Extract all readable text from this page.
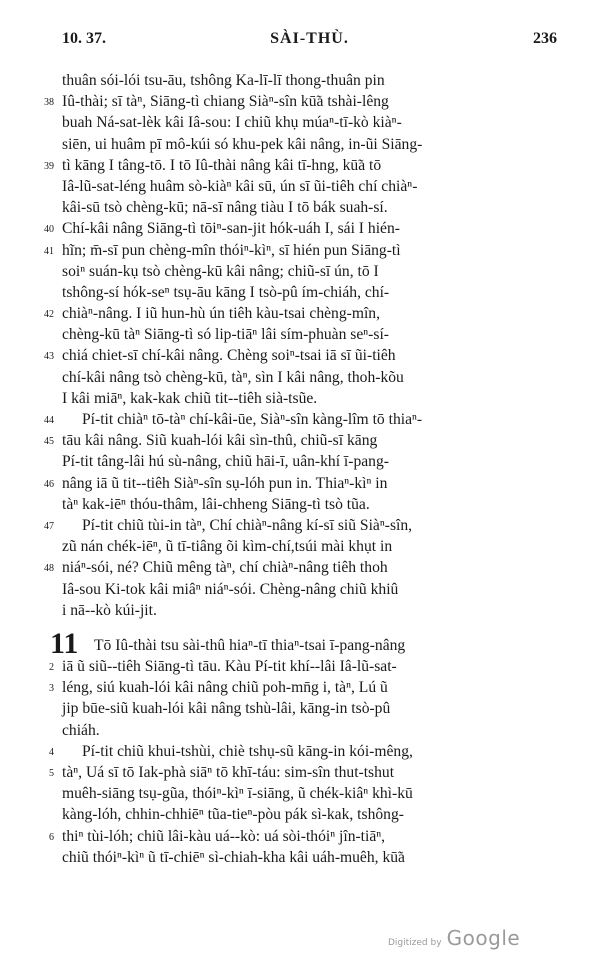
10. 37.	SÀI-THÙ.	236
thuân sói-lói tsu-āu, tshông Ka-lī-lī thong-thuân pin
38 Iû-thài; sī tàⁿ, Siāng-tì chiang Siàⁿ-sîn kū̃a tshài-lêng
buah Ná-sat-lèk kâi Iâ-sou: I chiũ khụ múaⁿ-tī-kò kiàⁿ-
siēn, ui huâm pī mô-kúi só khu-pek kâi nâng, in-ũi Siāng-
39 tì kāng I tâng-tō. I tō Iû-thài nâng kâi tī-hng, kū̃a tō
Iâ-lũ-sat-léng huâm sò-kiàⁿ kâi sū, ún sī ũi-tiêh chí chiàⁿ-
kâi-sū tsò chèng-kū; nā-sī nâng tiàu I tō bák suah-sí.
40 Chí-kâi nâng Siāng-tì tōiⁿ-san-jit hók-uáh I, sái I hién-
41 hĩn; m̄-sī pun chèng-mîn thóiⁿ-kìⁿ, sī hién pun Siāng-tì
soiⁿ suán-kụ tsò chèng-kū kâi nâng; chiũ-sī ún, tō I
tshông-sí hók-seⁿ tsụ-āu kāng I tsò-pû ím-chiáh, chí-
42 chiàⁿ-nâng. I iũ hun-hù ún tiêh kàu-tsai chèng-mîn,
chèng-kū tàⁿ Siāng-tì só lip-tiāⁿ lâi sím-phuàn seⁿ-sí-
43 chiá chiet-sī chí-kâi nâng. Chèng soiⁿ-tsai iā sī ũi-tiêh
chí-kâi nâng tsò chèng-kū, tàⁿ, sìn I kâi nâng, thoh-kõu
I kâi miāⁿ, kak-kak chiũ tit--tiêh sià-tsũe.
44	Pí-tit chiàⁿ tō-tàⁿ chí-kâi-ūe, Siàⁿ-sîn kàng-lîm tō thiaⁿ-
45 tāu kâi nâng. Siũ kuah-lói kâi sìn-thû, chiũ-sī kāng
Pí-tit tâng-lâi hú sù-nâng, chiũ hāi-ī, uân-khí ī-pang-
46 nâng iā ũ tit--tiêh Siàⁿ-sîn sụ-lóh pun in. Thiaⁿ-kìⁿ in
tàⁿ kak-iēⁿ thóu-thâm, lâi-chheng Siāng-tì tsò tũa.
47	Pí-tit chiũ tùi-in tàⁿ, Chí chiàⁿ-nâng kí-sī siũ Siàⁿ-sîn,
zũ nán chék-iēⁿ, ũ tī-tiâng õi kìm-chí,tsúi mài khụt in
48 niáⁿ-sói, né? Chiũ mêng tàⁿ, chí chiàⁿ-nâng tiêh thoh
Iâ-sou Ki-tok kâi miâⁿ niáⁿ-sói. Chèng-nâng chiũ khiû
i nā--kò kúi-jit.
Tō Iû-thài tsu sài-thû hiaⁿ-tī thiaⁿ-tsai ī-pang-nâng
11
2 iā ũ siũ--tiêh Siāng-tì tāu. Kàu Pí-tit khí--lâi Iâ-lũ-sat-
3 léng, siú kuah-lói kâi nâng chiũ poh-mn̄g i, tàⁿ, Lú ũ
jip būe-siũ kuah-lói kâi nâng tshù-lâi, kāng-in tsò-pû
chiáh.
4	Pí-tit chiũ khui-tshùi, chiè tshụ-sũ kāng-in kói-mêng,
5 tàⁿ, Uá sī tō Iak-phà siāⁿ tō khī-táu: sim-sîn thut-tshut
muêh-siāng tsụ-gũa, thóiⁿ-kìⁿ ī-siāng, ũ chék-kiâⁿ khì-kū
kàng-lóh, chhin-chhiēⁿ tũa-tieⁿ-pòu pák sì-kak, tshông-
6 thiⁿ tùi-lóh; chiũ lâi-kàu uá--kò: uá sòi-thóiⁿ jîn-tiāⁿ,
chiũ thóiⁿ-kìⁿ ũ tī-chiēⁿ sì-chiah-kha kâi uáh-muêh, kū̃a
Digitized by Google
